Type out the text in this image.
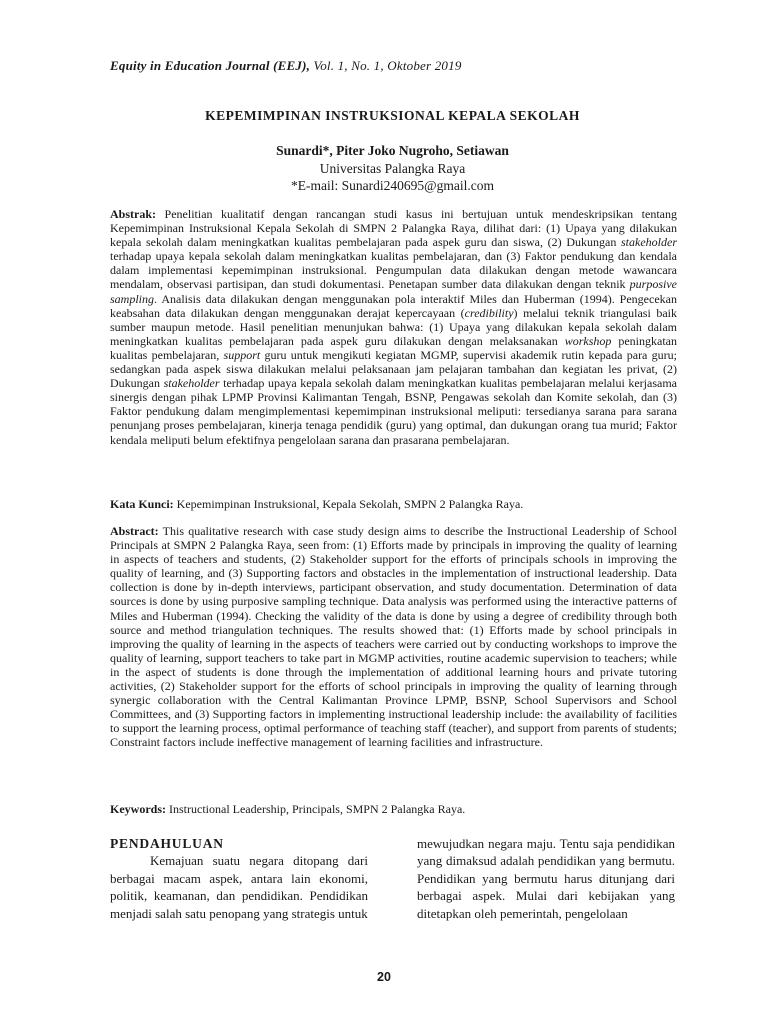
Equity in Education Journal (EEJ), Vol. 1, No. 1, Oktober 2019
KEPEMIMPINAN INSTRUKSIONAL KEPALA SEKOLAH
Sunardi*, Piter Joko Nugroho, Setiawan
Universitas Palangka Raya
*E-mail: Sunardi240695@gmail.com
Abstrak: Penelitian kualitatif dengan rancangan studi kasus ini bertujuan untuk mendeskripsikan tentang Kepemimpinan Instruksional Kepala Sekolah di SMPN 2 Palangka Raya, dilihat dari: (1) Upaya yang dilakukan kepala sekolah dalam meningkatkan kualitas pembelajaran pada aspek guru dan siswa, (2) Dukungan stakeholder terhadap upaya kepala sekolah dalam meningkatkan kualitas pembelajaran, dan (3) Faktor pendukung dan kendala dalam implementasi kepemimpinan instruksional. Pengumpulan data dilakukan dengan metode wawancara mendalam, observasi partisipan, dan studi dokumentasi. Penetapan sumber data dilakukan dengan teknik purposive sampling. Analisis data dilakukan dengan menggunakan pola interaktif Miles dan Huberman (1994). Pengecekan keabsahan data dilakukan dengan menggunakan derajat kepercayaan (credibility) melalui teknik triangulasi baik sumber maupun metode. Hasil penelitian menunjukan bahwa: (1) Upaya yang dilakukan kepala sekolah dalam meningkatkan kualitas pembelajaran pada aspek guru dilakukan dengan melaksanakan workshop peningkatan kualitas pembelajaran, support guru untuk mengikuti kegiatan MGMP, supervisi akademik rutin kepada para guru; sedangkan pada aspek siswa dilakukan melalui pelaksanaan jam pelajaran tambahan dan kegiatan les privat, (2) Dukungan stakeholder terhadap upaya kepala sekolah dalam meningkatkan kualitas pembelajaran melalui kerjasama sinergis dengan pihak LPMP Provinsi Kalimantan Tengah, BSNP, Pengawas sekolah dan Komite sekolah, dan (3) Faktor pendukung dalam mengimplementasi kepemimpinan instruksional meliputi: tersedianya sarana para sarana penunjang proses pembelajaran, kinerja tenaga pendidik (guru) yang optimal, dan dukungan orang tua murid; Faktor kendala meliputi belum efektifnya pengelolaan sarana dan prasarana pembelajaran.
Kata Kunci: Kepemimpinan Instruksional, Kepala Sekolah, SMPN 2 Palangka Raya.
Abstract: This qualitative research with case study design aims to describe the Instructional Leadership of School Principals at SMPN 2 Palangka Raya, seen from: (1) Efforts made by principals in improving the quality of learning in aspects of teachers and students, (2) Stakeholder support for the efforts of principals schools in improving the quality of learning, and (3) Supporting factors and obstacles in the implementation of instructional leadership. Data collection is done by in-depth interviews, participant observation, and study documentation. Determination of data sources is done by using purposive sampling technique. Data analysis was performed using the interactive patterns of Miles and Huberman (1994). Checking the validity of the data is done by using a degree of credibility through both source and method triangulation techniques. The results showed that: (1) Efforts made by school principals in improving the quality of learning in the aspects of teachers were carried out by conducting workshops to improve the quality of learning, support teachers to take part in MGMP activities, routine academic supervision to teachers; while in the aspect of students is done through the implementation of additional learning hours and private tutoring activities, (2) Stakeholder support for the efforts of school principals in improving the quality of learning through synergic collaboration with the Central Kalimantan Province LPMP, BSNP, School Supervisors and School Committees, and (3) Supporting factors in implementing instructional leadership include: the availability of facilities to support the learning process, optimal performance of teaching staff (teacher), and support from parents of students; Constraint factors include ineffective management of learning facilities and infrastructure.
Keywords: Instructional Leadership, Principals, SMPN 2 Palangka Raya.
PENDAHULUAN

Kemajuan suatu negara ditopang dari berbagai macam aspek, antara lain ekonomi, politik, keamanan, dan pendidikan. Pendidikan menjadi salah satu penopang yang strategis untuk

mewujudkan negara maju. Tentu saja pendidikan yang dimaksud adalah pendidikan yang bermutu. Pendidikan yang bermutu harus ditunjang dari berbagai aspek. Mulai dari kebijakan yang ditetapkan oleh pemerintah, pengelolaan

20
